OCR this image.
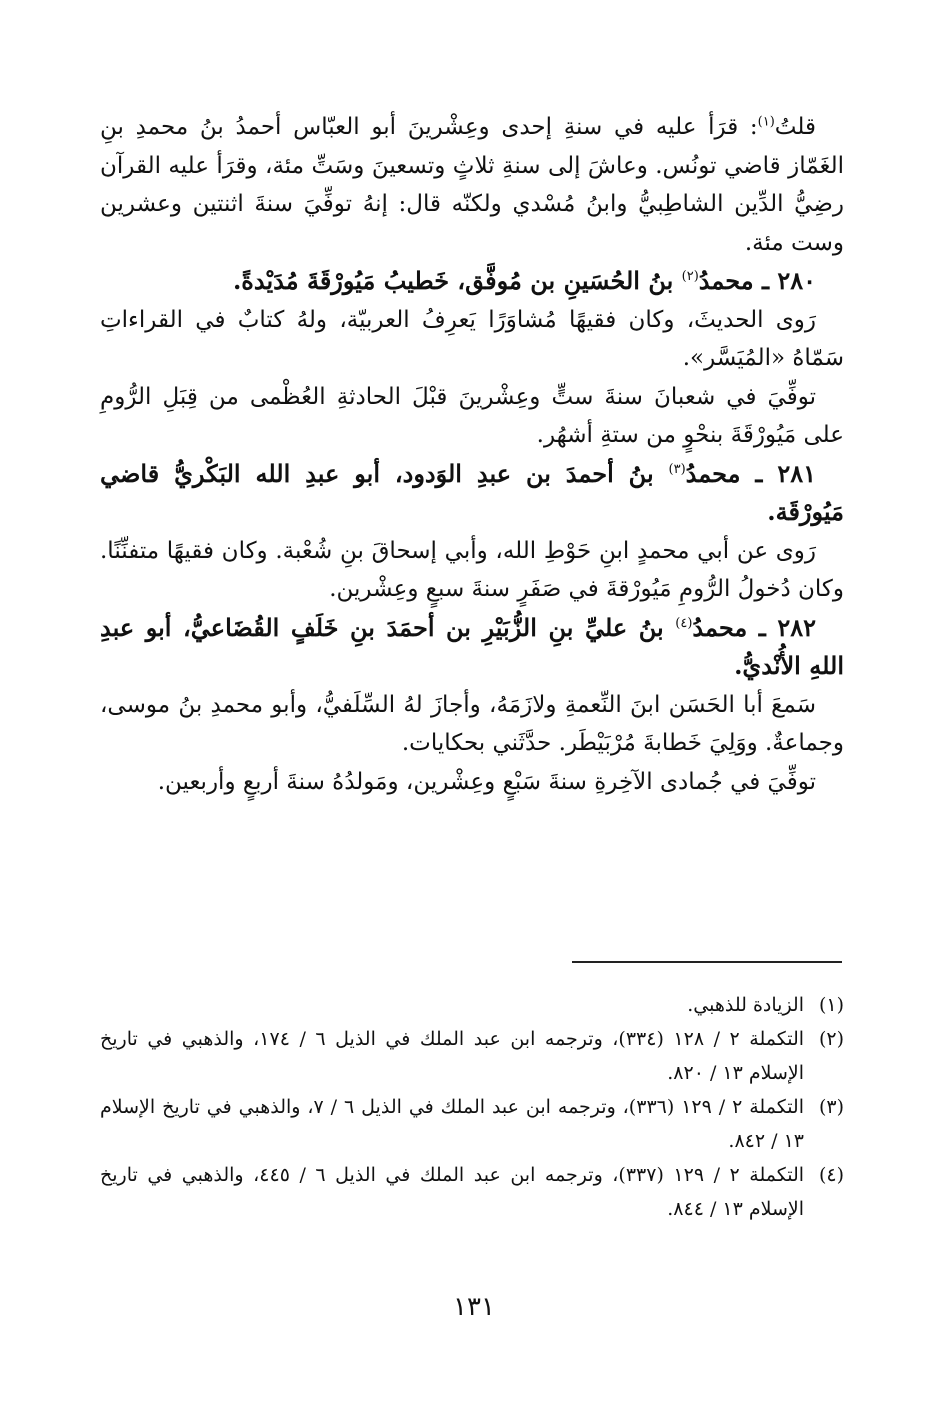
قلتُ$^{(١)}$: قرَأ عليه في سنةِ إحدى وعِشْرينَ أبو العبّاس أحمدُ بنُ محمدِ بنِ الغَمّاز قاضي تونُس. وعاشَ إلى سنةِ ثلاثٍ وتسعينَ وسَتِّ مئة، وقرَأ عليه القرآن رضِيُّ الدِّين الشاطِبيُّ وابنُ مُسْدي ولكنّه قال: إنهُ توفِّيَ سنةَ اثنتين وعشرين وست مئة.

٢٨٠ ـ محمدُ$^{(٢)}$ بنُ الحُسَينِ بن مُوفَّق، خَطيبُ مَيُورْقَةَ مُدَيْدةً.

رَوى الحديثَ، وكان فقيهًا مُشاوَرًا يَعرِفُ العربيّة، ولهُ كتابٌ في القراءاتِ سَمّاهُ «المُيَسَّر».

توفِّيَ في شعبانَ سنةَ ستٍّ وعِشْرينَ قبْلَ الحادثةِ العُظْمى من قِبَلِ الرُّومِ على مَيُورْقَةَ بنحْوٍ من ستةِ أشهُر.

٢٨١ ـ محمدُ$^{(٣)}$ بنُ أحمدَ بن عبدِ الوَدود، أبو عبدِ الله البَكْريُّ قاضي مَيُورْقَة.

رَوى عن أبي محمدٍ ابنِ حَوْطِ الله، وأبي إسحاقَ بنِ شُعْبة. وكان فقيهًا متفنِّنًا. وكان دُخولُ الرُّومِ مَيُورْقةَ في صَفَرٍ سنةَ سبعٍ وعِشْرين.

٢٨٢ ـ محمدُ$^{(٤)}$ بنُ عليِّ بنِ الزُّبَيْرِ بن أحمَدَ بنِ خَلَفٍ القُضَاعيُّ، أبو عبدِ اللهِ الأُنْديُّ.

سَمعَ أبا الحَسَن ابنَ النِّعمةِ ولازَمَهُ، وأجازَ لهُ السِّلَفيُّ، وأبو محمدِ بنُ موسى، وجماعةٌ. ووَلِيَ خَطابةَ مُرْبَيْطَر. حدَّثَني بحكايات.

توفِّيَ في جُمادى الآخِرةِ سنةَ سَبْعٍ وعِشْرين، ومَولدُهُ سنةَ أربعٍ وأربعين.

(١)
الزيادة للذهبي.
(٢)
التكملة ٢ / ١٢٨ (٣٣٤)، وترجمه ابن عبد الملك في الذيل ٦ / ١٧٤، والذهبي في تاريخ الإسلام ١٣ / ٨٢٠.
(٣)
التكملة ٢ / ١٢٩ (٣٣٦)، وترجمه ابن عبد الملك في الذيل ٦ / ٧، والذهبي في تاريخ الإسلام ١٣ / ٨٤٢.
(٤)
التكملة ٢ / ١٢٩ (٣٣٧)، وترجمه ابن عبد الملك في الذيل ٦ / ٤٤٥، والذهبي في تاريخ الإسلام ١٣ / ٨٤٤.
١٣١
